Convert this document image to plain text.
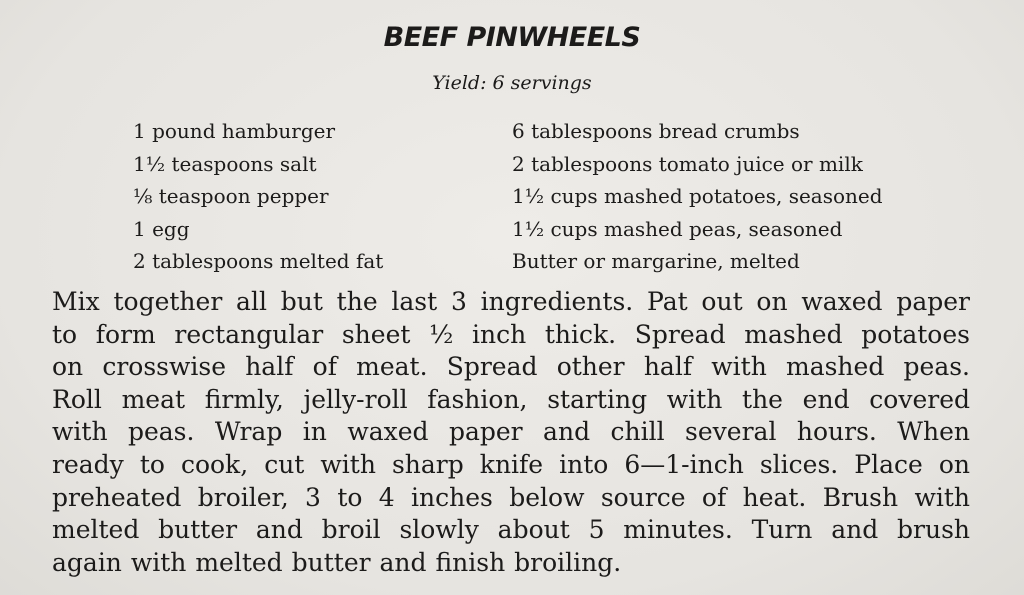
BEEF PINWHEELS

Yield: 6 servings

1 pound hamburger
1½ teaspoons salt
⅛ teaspoon pepper
1 egg
2 tablespoons melted fat
6 tablespoons bread crumbs
2 tablespoons tomato juice or milk
1½ cups mashed potatoes, seasoned
1½ cups mashed peas, seasoned
Butter or margarine, melted

Mix together all but the last 3 ingredients. Pat out on waxed paper
to form rectangular sheet ½ inch thick. Spread mashed potatoes
on crosswise half of meat. Spread other half with mashed peas.
Roll meat firmly, jelly-roll fashion, starting with the end covered
with peas. Wrap in waxed paper and chill several hours. When
ready to cook, cut with sharp knife into 6—1-inch slices. Place on
preheated broiler, 3 to 4 inches below source of heat. Brush with
melted butter and broil slowly about 5 minutes. Turn and brush
again with melted butter and finish broiling.
